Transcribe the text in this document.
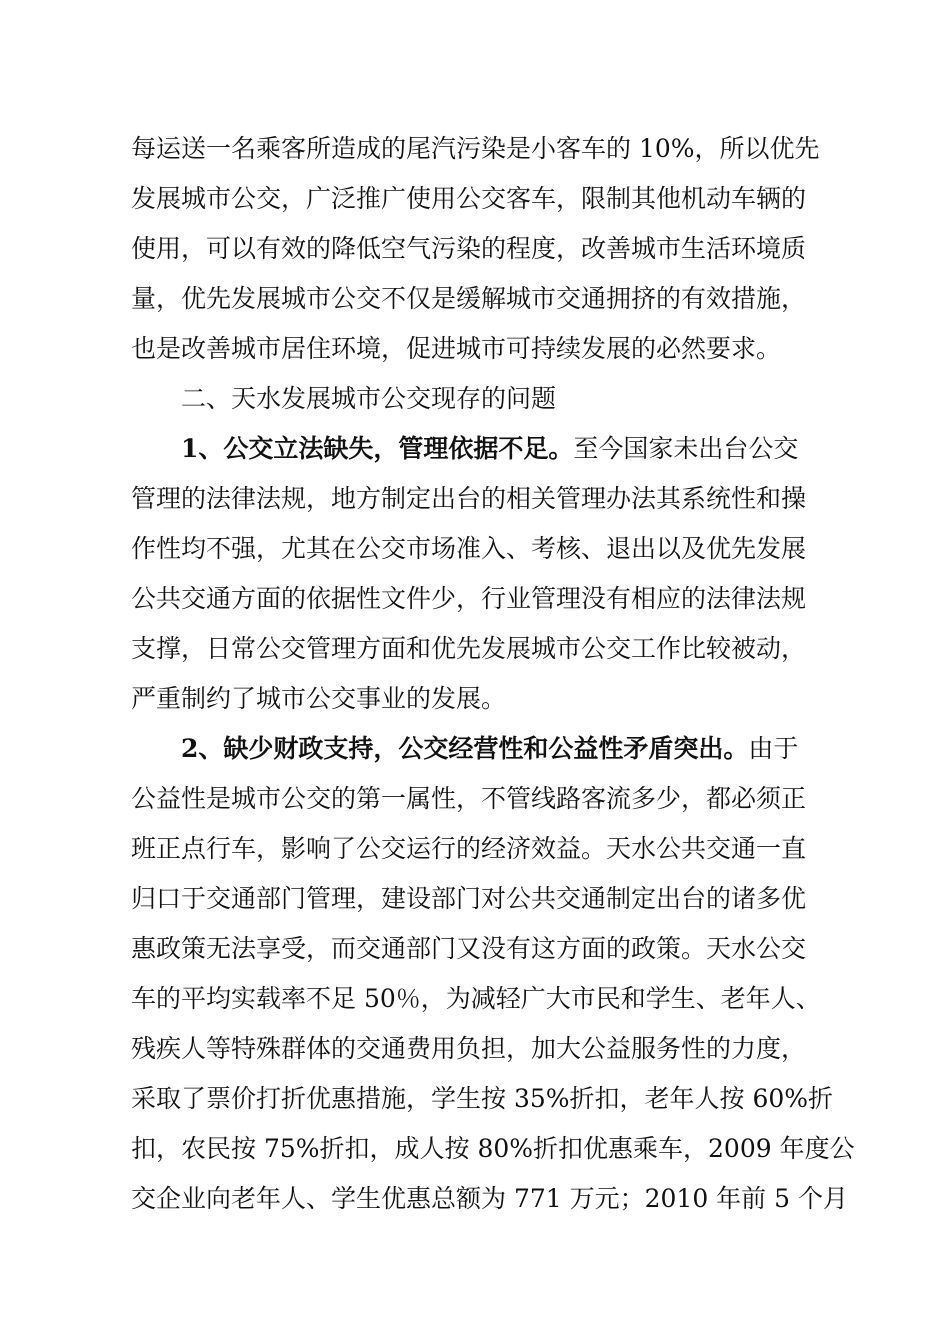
每运送一名乘客所造成的尾汽污染是小客车的 10%，所以优先
发展城市公交，广泛推广使用公交客车，限制其他机动车辆的
使用，可以有效的降低空气污染的程度，改善城市生活环境质
量，优先发展城市公交不仅是缓解城市交通拥挤的有效措施，
也是改善城市居住环境，促进城市可持续发展的必然要求。
二、天水发展城市公交现存的问题
1、公交立法缺失，管理依据不足。至今国家未出台公交
管理的法律法规，地方制定出台的相关管理办法其系统性和操
作性均不强，尤其在公交市场准入、考核、退出以及优先发展
公共交通方面的依据性文件少，行业管理没有相应的法律法规
支撑，日常公交管理方面和优先发展城市公交工作比较被动，
严重制约了城市公交事业的发展。
2、缺少财政支持，公交经营性和公益性矛盾突出。由于
公益性是城市公交的第一属性，不管线路客流多少，都必须正
班正点行车，影响了公交运行的经济效益。天水公共交通一直
归口于交通部门管理，建设部门对公共交通制定出台的诸多优
惠政策无法享受，而交通部门又没有这方面的政策。天水公交
车的平均实载率不足 50％，为减轻广大市民和学生、老年人、
残疾人等特殊群体的交通费用负担，加大公益服务性的力度，
采取了票价打折优惠措施，学生按 35%折扣，老年人按 60%折
扣，农民按 75%折扣，成人按 80%折扣优惠乘车，2009 年度公
交企业向老年人、学生优惠总额为 771 万元；2010 年前 5 个月
